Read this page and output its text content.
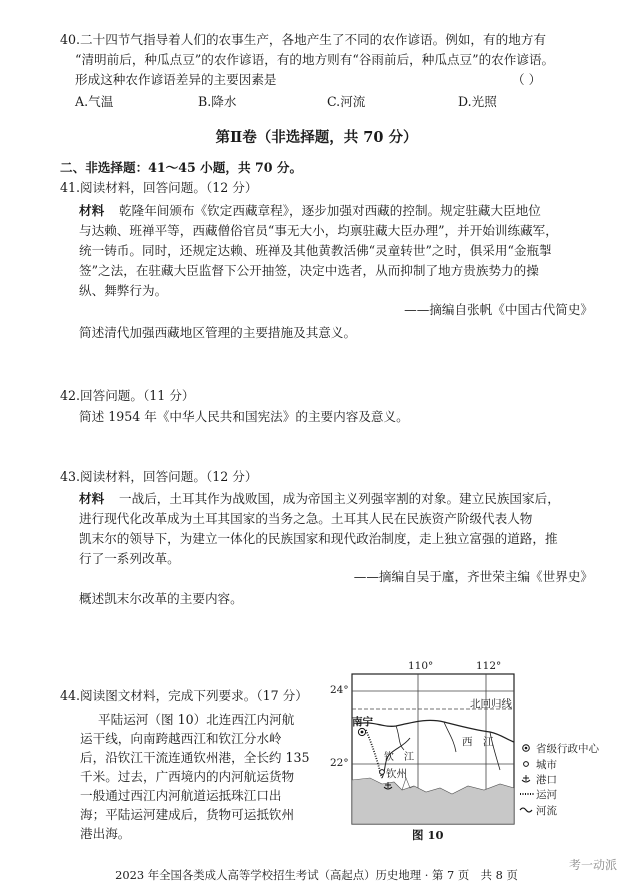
40.二十四节气指导着人们的农事生产，各地产生了不同的农作谚语。例如，有的地方有
“清明前后，种瓜点豆”的农作谚语，有的地方则有“谷雨前后，种瓜点豆”的农作谚语。
形成这种农作谚语差异的主要因素是	（ ）
A.气温	B.降水	C.河流	D.光照
第Ⅱ卷（非选择题，共 70 分）
二、非选择题：41～45 小题，共 70 分。
41.阅读材料，回答问题。（12 分）
材料 乾隆年间颁布《钦定西藏章程》，逐步加强对西藏的控制。规定驻藏大臣地位
与达赖、班禅平等，西藏僧俗官员“事无大小，均禀驻藏大臣办理”，并开始训练藏军，
统一铸币。同时，还规定达赖、班禅及其他黄教活佛“灵童转世”之时，俱采用“金瓶掣
签”之法，在驻藏大臣监督下公开抽签，决定中选者，从而抑制了地方贵族势力的操
纵、舞弊行为。
——摘编自张帆《中国古代简史》
简述清代加强西藏地区管理的主要措施及其意义。
42.回答问题。（11 分）
简述 1954 年《中华人民共和国宪法》的主要内容及意义。
43.阅读材料，回答问题。（12 分）
材料 一战后，土耳其作为战败国，成为帝国主义列强宰割的对象。建立民族国家后，
进行现代化改革成为土耳其国家的当务之急。土耳其人民在民族资产阶级代表人物
凯末尔的领导下，为建立一体化的民族国家和现代政治制度，走上独立富强的道路，推
行了一系列改革。
——摘编自吴于廑，齐世荣主编《世界史》
概述凯末尔改革的主要内容。
44.阅读图文材料，完成下列要求。（17 分）
平陆运河（图 10）北连西江内河航
运干线，向南跨越西江和钦江分水岭
后，沿钦江干流连通钦州港，全长约 135
千米。过去，广西境内的内河航运货物
一般通过西江内河航道运抵珠江口出
海；平陆运河建成后，货物可运抵钦州
港出海。
110°	112°
24°
22°
北回归线
南宁
西　江
钦　江
钦州
省级行政中心
城市
港口
运河
河流
图 10
2023 年全国各类成人高等学校招生考试（高起点）历史地理 · 第 7 页　共 8 页
考一动派
